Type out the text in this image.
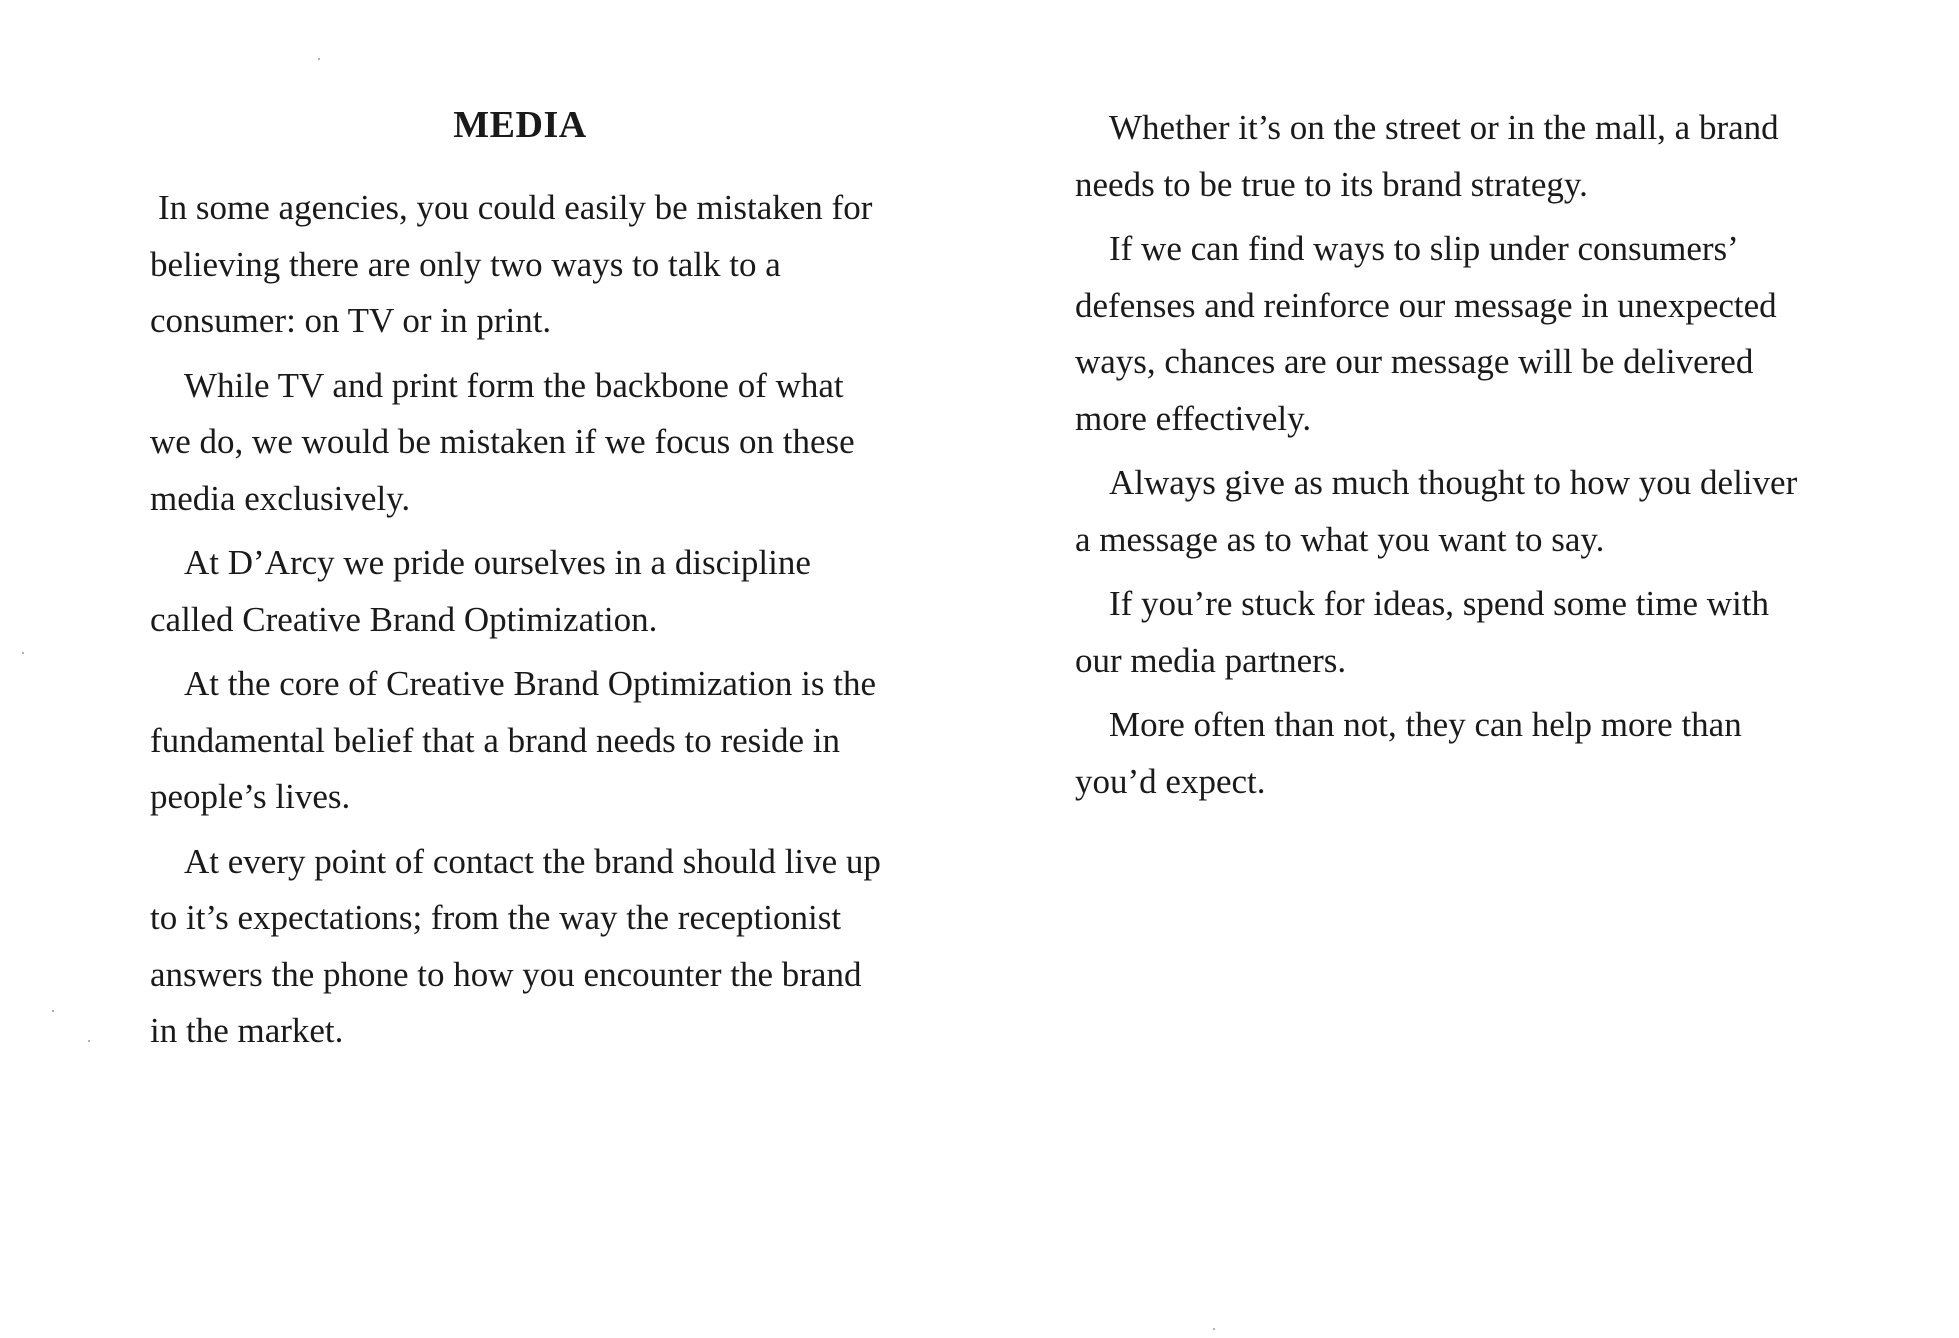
MEDIA

In some agencies, you could easily be mistaken for believing there are only two ways to talk to a consumer: on TV or in print.

While TV and print form the backbone of what we do, we would be mistaken if we focus on these media exclusively.

At D’Arcy we pride ourselves in a discipline called Creative Brand Optimization.

At the core of Creative Brand Optimization is the fundamental belief that a brand needs to reside in people’s lives.

At every point of contact the brand should live up to it’s expectations; from the way the receptionist answers the phone to how you encounter the brand in the market.

Whether it’s on the street or in the mall, a brand needs to be true to its brand strategy.

If we can find ways to slip under consumers’ defenses and reinforce our message in unexpected ways, chances are our message will be delivered more effectively.

Always give as much thought to how you deliver a message as to what you want to say.

If you’re stuck for ideas, spend some time with our media partners.

More often than not, they can help more than you’d expect.
